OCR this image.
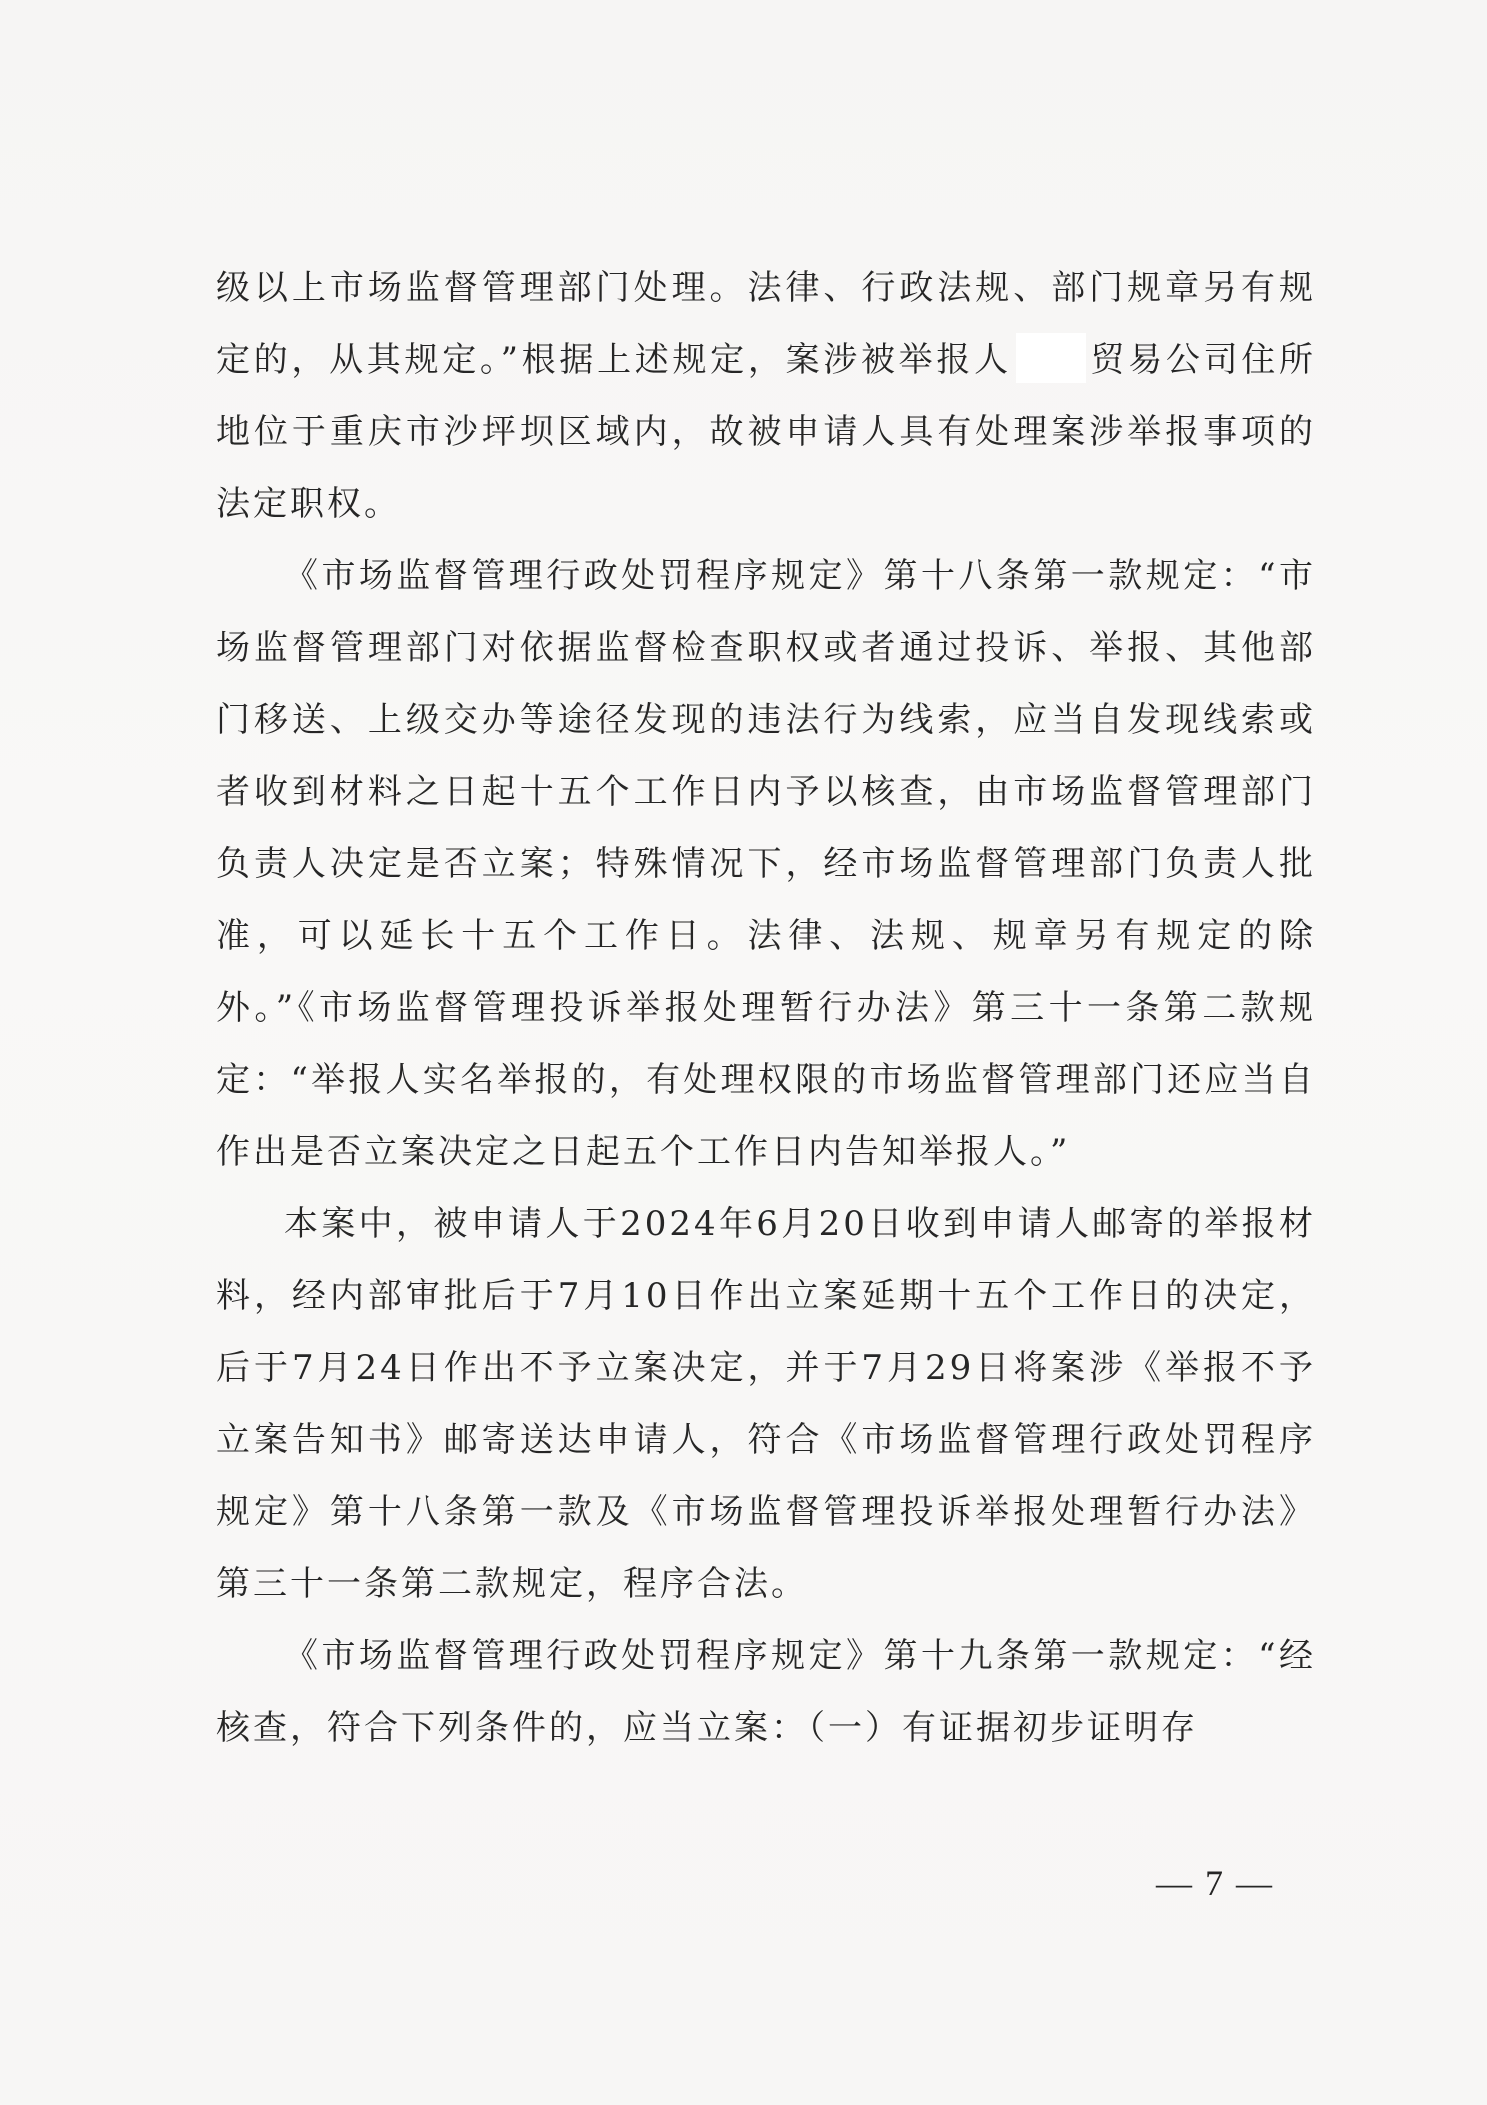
级以上市场监督管理部门处理。法律、行政法规、部门规章另有规定的，从其规定。”根据上述规定，案涉被举报人 贸易公司住所地位于重庆市沙坪坝区域内，故被申请人具有处理案涉举报事项的法定职权。

《市场监督管理行政处罚程序规定》第十八条第一款规定：“市场监督管理部门对依据监督检查职权或者通过投诉、举报、其他部门移送、上级交办等途径发现的违法行为线索，应当自发现线索或者收到材料之日起十五个工作日内予以核查，由市场监督管理部门负责人决定是否立案；特殊情况下，经市场监督管理部门负责人批准，可以延长十五个工作日。法律、法规、规章另有规定的除外。”《市场监督管理投诉举报处理暂行办法》第三十一条第二款规定：“举报人实名举报的，有处理权限的市场监督管理部门还应当自作出是否立案决定之日起五个工作日内告知举报人。”

本案中，被申请人于2024年6月20日收到申请人邮寄的举报材料，经内部审批后于7月10日作出立案延期十五个工作日的决定，后于7月24日作出不予立案决定，并于7月29日将案涉《举报不予立案告知书》邮寄送达申请人，符合《市场监督管理行政处罚程序规定》第十八条第一款及《市场监督管理投诉举报处理暂行办法》第三十一条第二款规定，程序合法。

《市场监督管理行政处罚程序规定》第十九条第一款规定：“经核查，符合下列条件的，应当立案：（一）有证据初步证明存

— 7 —
